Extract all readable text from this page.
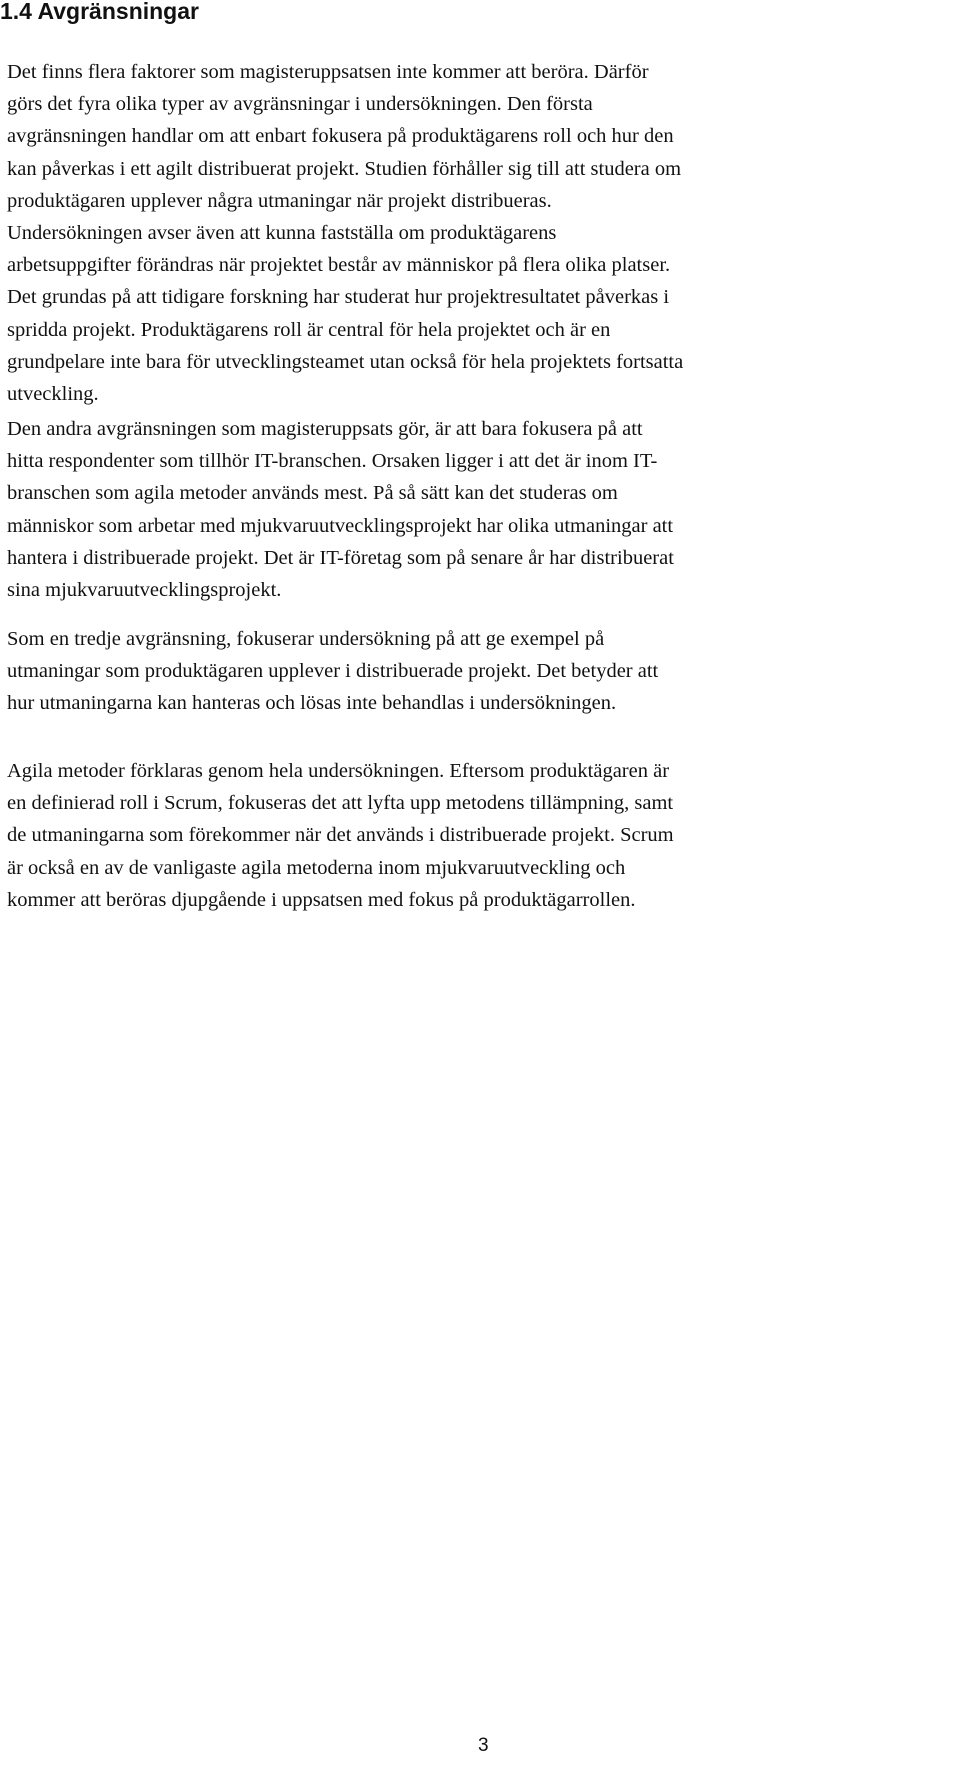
1.4 Avgränsningar

Det finns flera faktorer som magisteruppsatsen inte kommer att beröra. Därför
görs det fyra olika typer av avgränsningar i undersökningen. Den första
avgränsningen handlar om att enbart fokusera på produktägarens roll och hur den
kan påverkas i ett agilt distribuerat projekt. Studien förhåller sig till att studera om
produktägaren upplever några utmaningar när projekt distribueras.
Undersökningen avser även att kunna fastställa om produktägarens
arbetsuppgifter förändras när projektet består av människor på flera olika platser.
Det grundas på att tidigare forskning har studerat hur projektresultatet påverkas i
spridda projekt. Produktägarens roll är central för hela projektet och är en
grundpelare inte bara för utvecklingsteamet utan också för hela projektets fortsatta
utveckling.

Den andra avgränsningen som magisteruppsats gör, är att bara fokusera på att
hitta respondenter som tillhör IT-branschen. Orsaken ligger i att det är inom IT-
branschen som agila metoder används mest. På så sätt kan det studeras om
människor som arbetar med mjukvaruutvecklingsprojekt har olika utmaningar att
hantera i distribuerade projekt. Det är IT-företag som på senare år har distribuerat
sina mjukvaruutvecklingsprojekt.

Som en tredje avgränsning, fokuserar undersökning på att ge exempel på
utmaningar som produktägaren upplever i distribuerade projekt. Det betyder att
hur utmaningarna kan hanteras och lösas inte behandlas i undersökningen.

Agila metoder förklaras genom hela undersökningen. Eftersom produktägaren är
en definierad roll i Scrum, fokuseras det att lyfta upp metodens tillämpning, samt
de utmaningarna som förekommer när det används i distribuerade projekt. Scrum
är också en av de vanligaste agila metoderna inom mjukvaruutveckling och
kommer att beröras djupgående i uppsatsen med fokus på produktägarrollen.

3
